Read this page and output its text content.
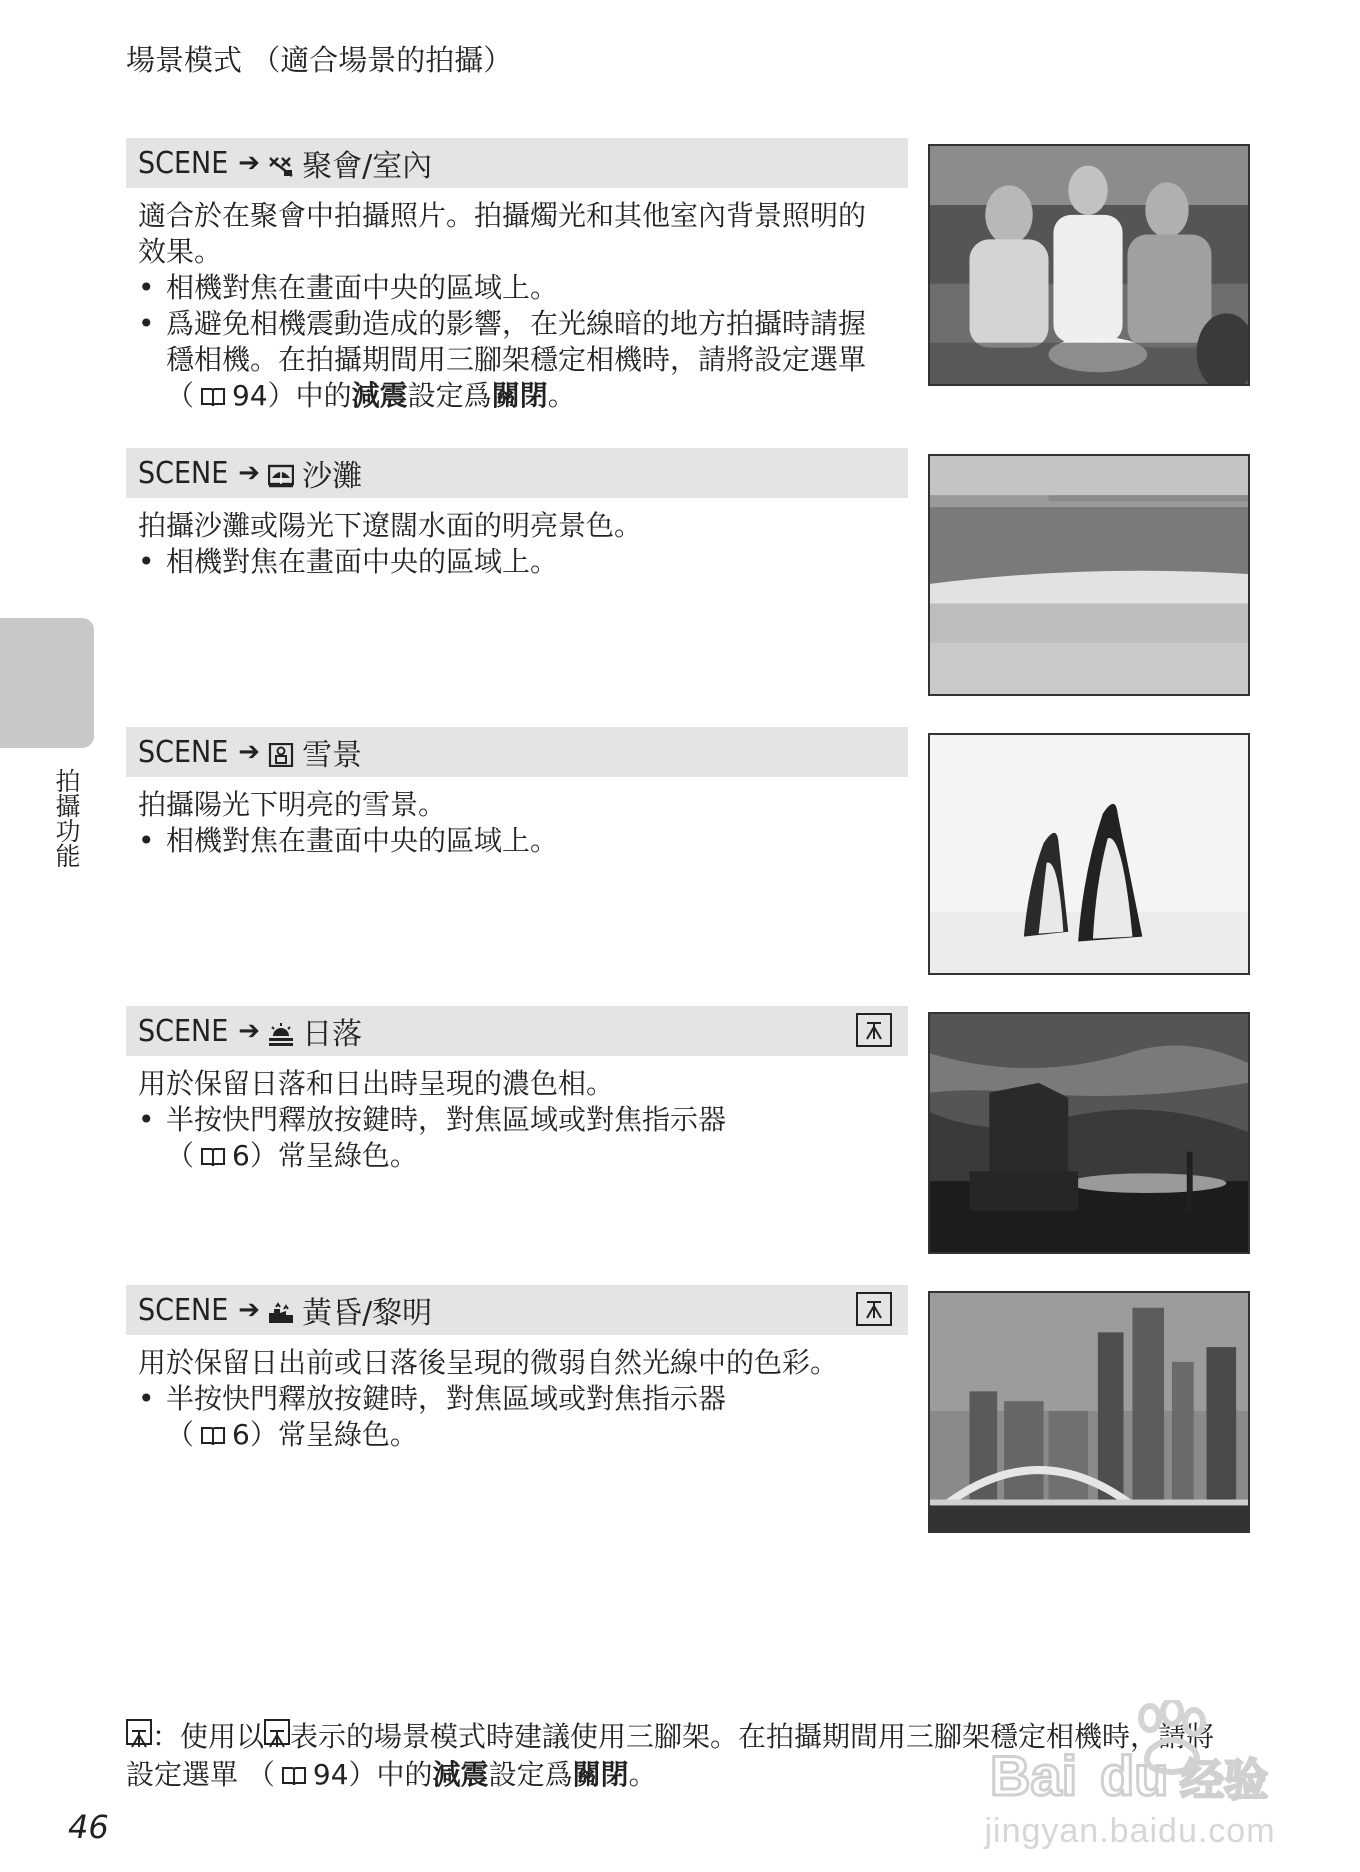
場景模式 （適合場景的拍攝）
拍攝功能
SCENE ➔ 聚會/室內

適合於在聚會中拍攝照片。拍攝燭光和其他室內背景照明的效果。

• 相機對焦在畫面中央的區域上。
• 爲避免相機震動造成的影響，在光線暗的地方拍攝時請握穩相機。在拍攝期間用三腳架穩定相機時，請將設定選單 （ 94）中的減震設定爲關閉。
SCENE ➔ 沙灘

拍攝沙灘或陽光下遼闊水面的明亮景色。

• 相機對焦在畫面中央的區域上。
SCENE ➔ 雪景

拍攝陽光下明亮的雪景。

• 相機對焦在畫面中央的區域上。
SCENE ➔ 日落

用於保留日落和日出時呈現的濃色相。

• 半按快門釋放按鍵時，對焦區域或對焦指示器
（ 6）常呈綠色。
SCENE ➔ 黃昏/黎明

用於保留日出前或日落後呈現的微弱自然光線中的色彩。

• 半按快門釋放按鍵時，對焦區域或對焦指示器
（ 6）常呈綠色。
：使用以 表示的場景模式時建議使用三腳架。在拍攝期間用三腳架穩定相機時，請將設定選單 （ 94）中的減震設定爲關閉。
46
Bai du 经验
jingyan.baidu.com
